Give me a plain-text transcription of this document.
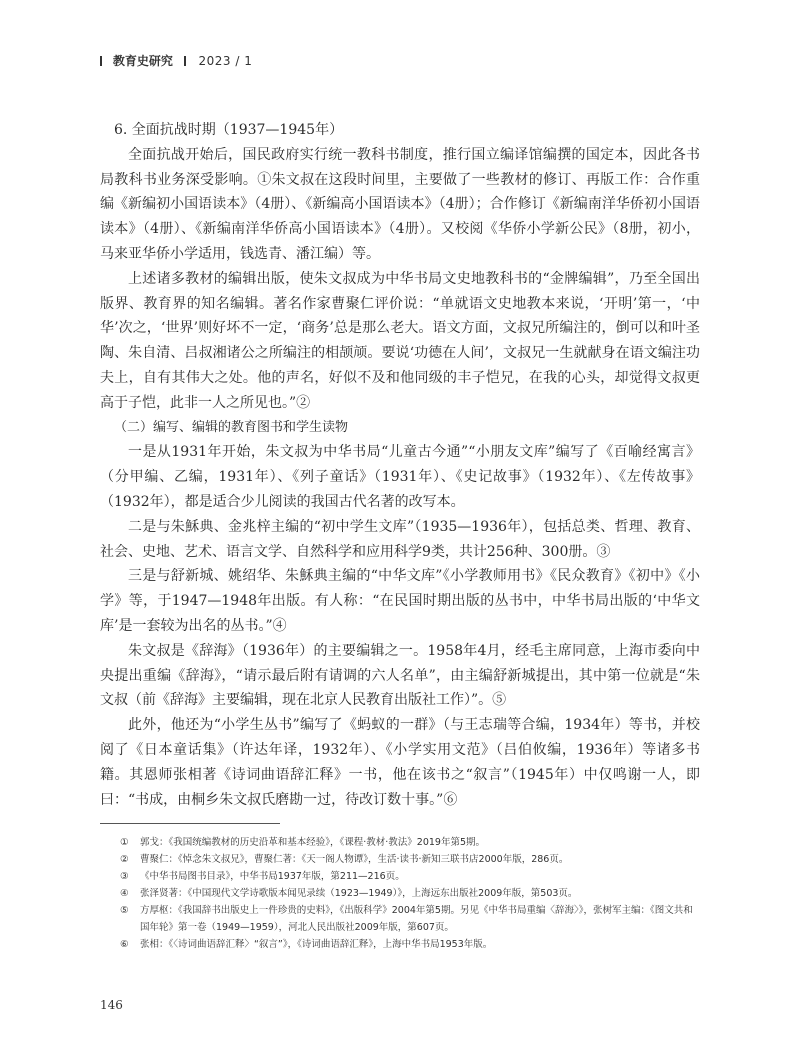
教育史研究 2023 / 1
6. 全面抗战时期（1937—1945年）

全面抗战开始后，国民政府实行统一教科书制度，推行国立编译馆编撰的国定本，因此各书局教科书业务深受影响。①朱文叔在这段时间里，主要做了一些教材的修订、再版工作：合作重编《新编初小国语读本》（4册）、《新编高小国语读本》（4册）；合作修订《新编南洋华侨初小国语读本》（4册）、《新编南洋华侨高小国语读本》（4册）。又校阅《华侨小学新公民》（8册，初小，马来亚华侨小学适用，钱选青、潘江编）等。

上述诸多教材的编辑出版，使朱文叔成为中华书局文史地教科书的“金牌编辑”，乃至全国出版界、教育界的知名编辑。著名作家曹聚仁评价说：“单就语文史地教本来说，‘开明’第一，‘中华’次之，‘世界’则好坏不一定，‘商务’总是那么老大。语文方面，文叔兄所编注的，倒可以和叶圣陶、朱自清、吕叔湘诸公之所编注的相颉颃。要说‘功德在人间’，文叔兄一生就献身在语文编注功夫上，自有其伟大之处。他的声名，好似不及和他同级的丰子恺兄，在我的心头，却觉得文叔更高于子恺，此非一人之所见也。”②

（二）编写、编辑的教育图书和学生读物

一是从1931年开始，朱文叔为中华书局“儿童古今通”“小朋友文库”编写了《百喻经寓言》（分甲编、乙编，1931年）、《列子童话》（1931年）、《史记故事》（1932年）、《左传故事》（1932年），都是适合少儿阅读的我国古代名著的改写本。

二是与朱穌典、金兆梓主编的“初中学生文库”（1935—1936年），包括总类、哲理、教育、社会、史地、艺术、语言文学、自然科学和应用科学9类，共计256种、300册。③

三是与舒新城、姚绍华、朱穌典主编的“中华文库”《小学教师用书》《民众教育》《初中》《小学》等，于1947—1948年出版。有人称：“在民国时期出版的丛书中，中华书局出版的‘中华文库’是一套较为出名的丛书。”④

朱文叔是《辞海》（1936年）的主要编辑之一。1958年4月，经毛主席同意，上海市委向中央提出重编《辞海》，“请示最后附有请调的六人名单”，由主编舒新城提出，其中第一位就是“朱文叔（前《辞海》主要编辑，现在北京人民教育出版社工作）”。⑤

此外，他还为“小学生丛书”编写了《蚂蚁的一群》（与王志瑞等合编，1934年）等书，并校阅了《日本童话集》（许达年译，1932年）、《小学实用文范》（吕伯攸编，1936年）等诸多书籍。其恩师张相著《诗词曲语辞汇释》一书，他在该书之“叙言”（1945年）中仅鸣谢一人，即曰：“书成，由桐乡朱文叔氏磨勘一过，待改订数十事。”⑥

① 郭戈：《我国统编教材的历史沿革和基本经验》，《课程·教材·教法》2019年第5期。
② 曹聚仁：《悼念朱文叔兄》，曹聚仁著：《天一阁人物谭》，生活·读书·新知三联书店2000年版，286页。
③ 《中华书局图书目录》，中华书局1937年版，第211—216页。
④ 张泽贤著：《中国现代文学诗歌版本闻见录续（1923—1949）》，上海远东出版社2009年版，第503页。
⑤ 方厚枢：《我国辞书出版史上一件珍贵的史料》，《出版科学》2004年第5期。另见《中华书局重编〈辞海〉》，张树军主编：《图文共和国年轮》第一卷（1949—1959），河北人民出版社2009年版，第607页。
⑥ 张相：《〈诗词曲语辞汇释〉“叙言”》，《诗词曲语辞汇释》，上海中华书局1953年版。
146
